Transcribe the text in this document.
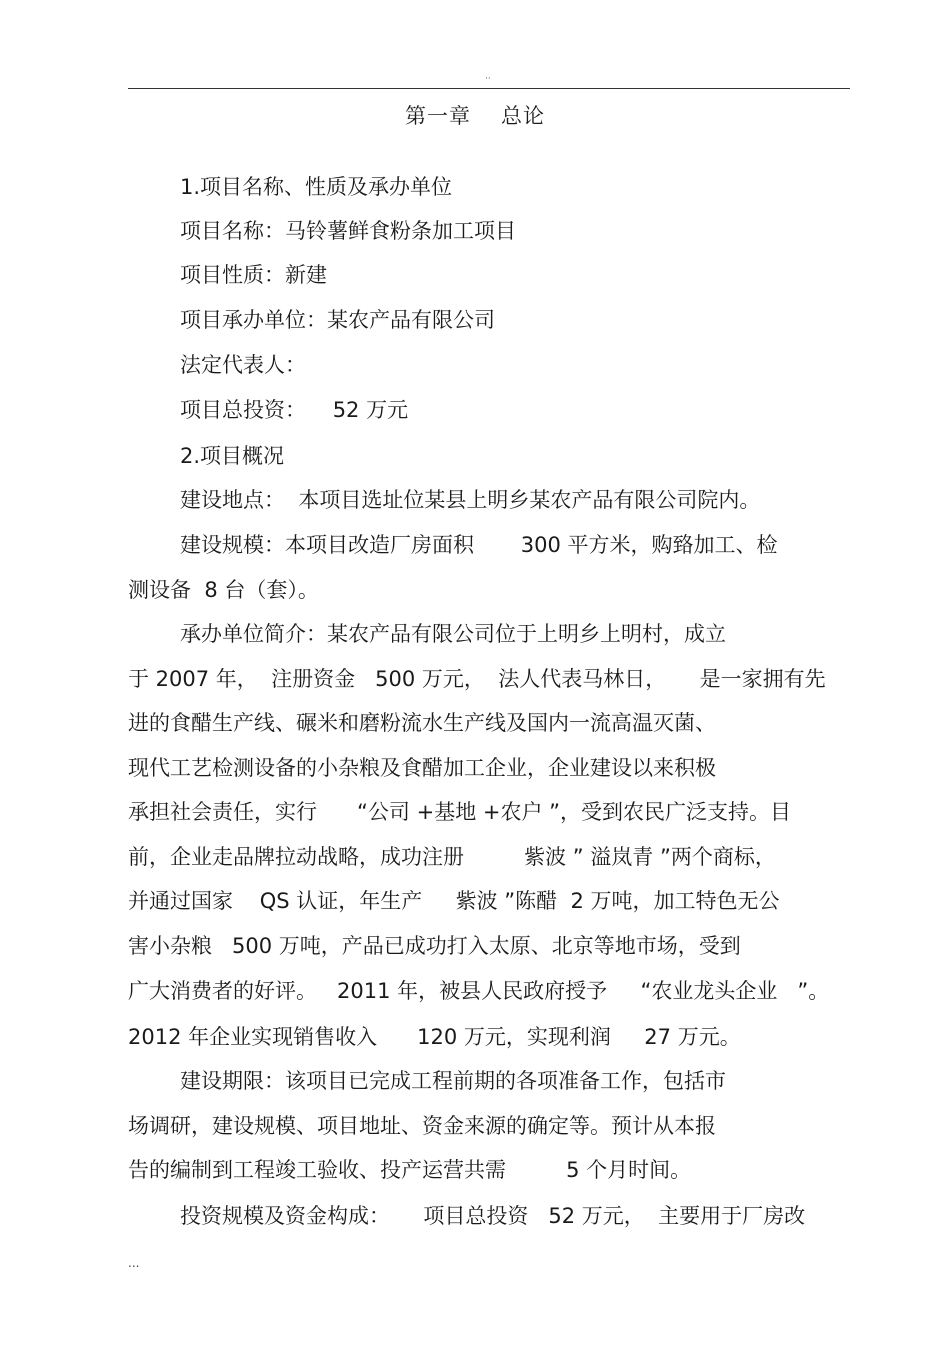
··
第一章 总论
1.项目名称、性质及承办单位
项目名称：马铃薯鲜食粉条加工项目
项目性质：新建
项目承办单位：某农产品有限公司
法定代表人：
项目总投资：    52 万元
2.项目概况
建设地点：  本项目选址位某县上明乡某农产品有限公司院内。
建设规模：本项目改造厂房面积       300 平方米，购臵加工、检
测设备  8 台（套）。
承办单位简介：某农产品有限公司位于上明乡上明村，成立
于 2007 年，  注册资金   500 万元，  法人代表马林日，     是一家拥有先
进的食醋生产线、碾米和磨粉流水生产线及国内一流高温灭菌、
现代工艺检测设备的小杂粮及食醋加工企业，企业建设以来积极
承担社会责任，实行      “公司 +基地 +农户 ”，受到农民广泛支持。目
前，企业走品牌拉动战略，成功注册         紫波 ” 溢岚青 ”两个商标，
并通过国家    QS 认证，年生产     紫波 ”陈醋  2 万吨，加工特色无公
害小杂粮   500 万吨，产品已成功打入太原、北京等地市场，受到
广大消费者的好评。   2011 年，被县人民政府授予     “农业龙头企业   ”。
2012 年企业实现销售收入      120 万元，实现利润     27 万元。
建设期限：该项目已完成工程前期的各项准备工作，包括市
场调研，建设规模、项目地址、资金来源的确定等。预计从本报
告的编制到工程竣工验收、投产运营共需         5 个月时间。
投资规模及资金构成：     项目总投资   52 万元，  主要用于厂房改
...
